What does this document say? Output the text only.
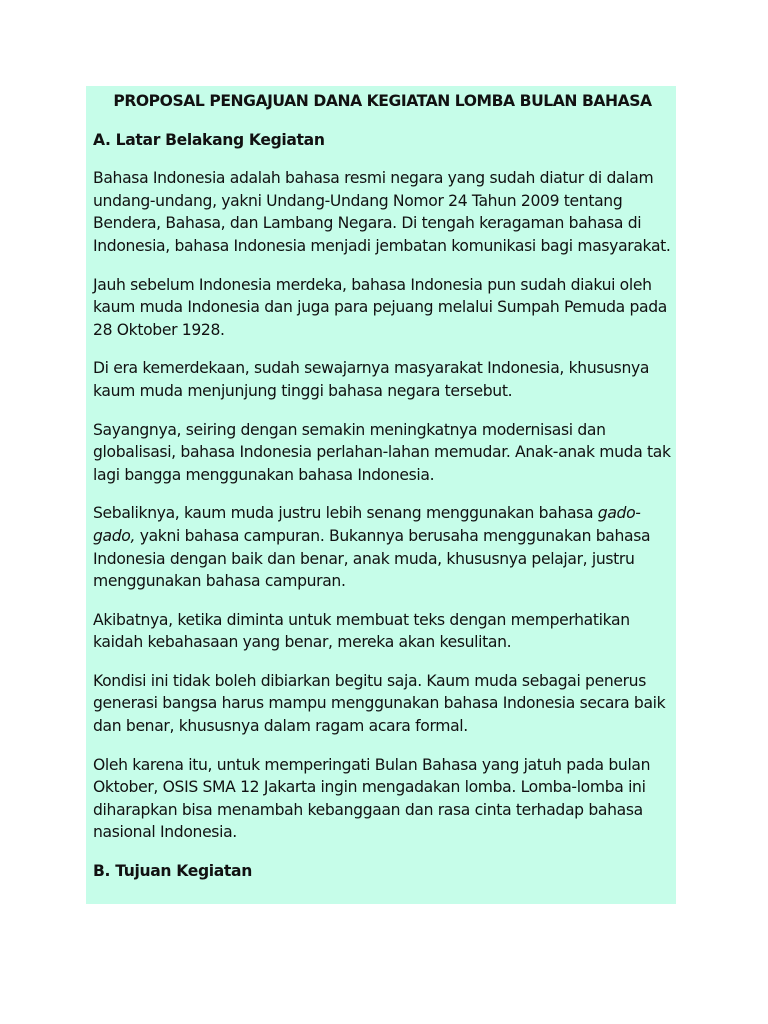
PROPOSAL PENGAJUAN DANA KEGIATAN LOMBA BULAN BAHASA
A. Latar Belakang Kegiatan

Bahasa Indonesia adalah bahasa resmi negara yang sudah diatur di dalam undang-undang, yakni Undang-Undang Nomor 24 Tahun 2009 tentang Bendera, Bahasa, dan Lambang Negara. Di tengah keragaman bahasa di Indonesia, bahasa Indonesia menjadi jembatan komunikasi bagi masyarakat.

Jauh sebelum Indonesia merdeka, bahasa Indonesia pun sudah diakui oleh kaum muda Indonesia dan juga para pejuang melalui Sumpah Pemuda pada 28 Oktober 1928.

Di era kemerdekaan, sudah sewajarnya masyarakat Indonesia, khususnya kaum muda menjunjung tinggi bahasa negara tersebut.

Sayangnya, seiring dengan semakin meningkatnya modernisasi dan globalisasi, bahasa Indonesia perlahan-lahan memudar. Anak-anak muda tak lagi bangga menggunakan bahasa Indonesia.

Sebaliknya, kaum muda justru lebih senang menggunakan bahasa gado-gado, yakni bahasa campuran. Bukannya berusaha menggunakan bahasa Indonesia dengan baik dan benar, anak muda, khususnya pelajar, justru menggunakan bahasa campuran.

Akibatnya, ketika diminta untuk membuat teks dengan memperhatikan kaidah kebahasaan yang benar, mereka akan kesulitan.

Kondisi ini tidak boleh dibiarkan begitu saja. Kaum muda sebagai penerus generasi bangsa harus mampu menggunakan bahasa Indonesia secara baik dan benar, khususnya dalam ragam acara formal.

Oleh karena itu, untuk memperingati Bulan Bahasa yang jatuh pada bulan Oktober, OSIS SMA 12 Jakarta ingin mengadakan lomba. Lomba-lomba ini diharapkan bisa menambah kebanggaan dan rasa cinta terhadap bahasa nasional Indonesia.

B. Tujuan Kegiatan
